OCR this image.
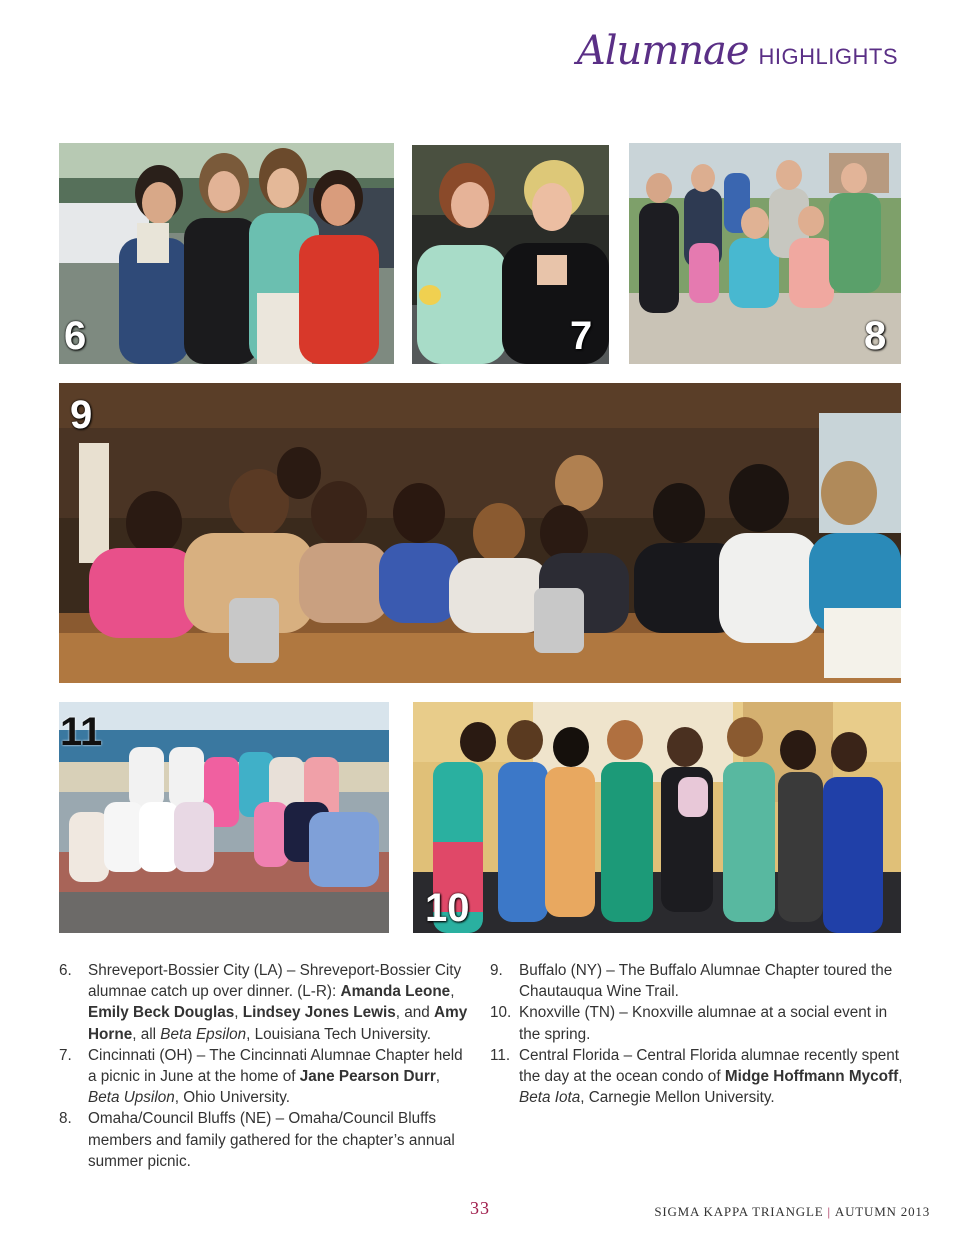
Alumnae HIGHLIGHTS
6	7	8
9
11
10
6.	Shreveport-Bossier City (LA) – Shreveport-Bossier City alumnae catch up over dinner. (L-R): Amanda Leone, Emily Beck Douglas, Lindsey Jones Lewis, and Amy Horne, all Beta Epsilon, Louisiana Tech University.
7.	Cincinnati (OH) – The Cincinnati Alumnae Chapter held a picnic in June at the home of Jane Pearson Durr, Beta Upsilon, Ohio University.
8.	Omaha/Council Bluffs (NE) – Omaha/Council Bluffs members and family gathered for the chapter’s annual summer picnic.
9.	Buffalo (NY) – The Buffalo Alumnae Chapter toured the Chautauqua Wine Trail.
10. Knoxville (TN) – Knoxville alumnae at a social event in the spring.
11. Central Florida – Central Florida alumnae recently spent the day at the ocean condo of Midge Hoffmann Mycoff, Beta Iota, Carnegie Mellon University.
33	SIGMA KAPPA TRIANGLE | AUTUMN 2013
